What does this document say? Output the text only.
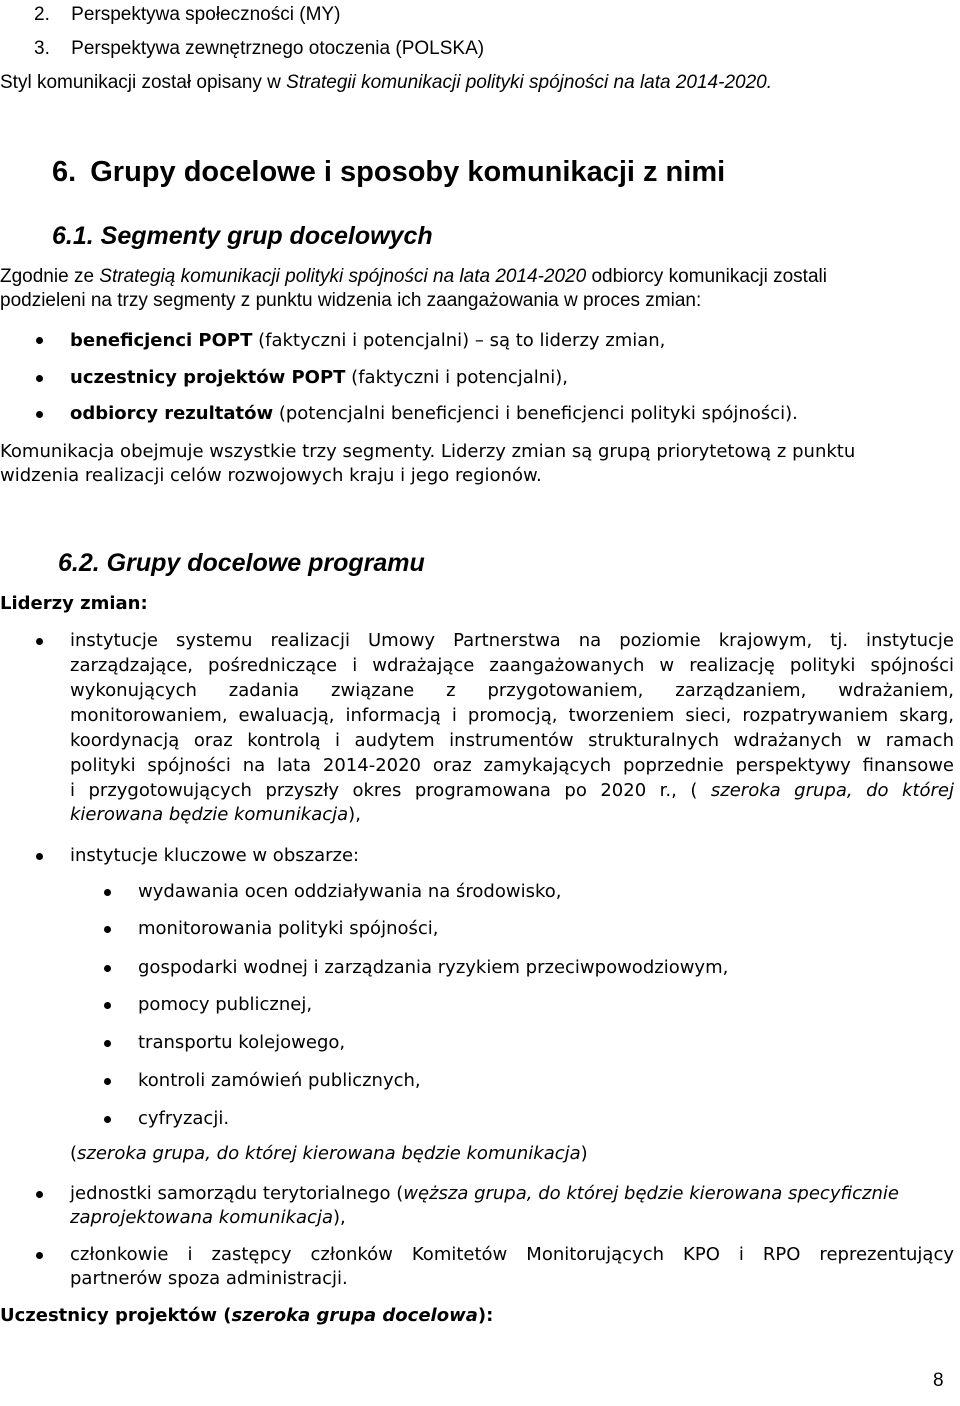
2. Perspektywa społeczności (MY)
3. Perspektywa zewnętrznego otoczenia (POLSKA)
Styl komunikacji został opisany w Strategii komunikacji polityki spójności na lata 2014-2020.
6. Grupy docelowe i sposoby komunikacji z nimi
6.1. Segmenty grup docelowych
Zgodnie ze Strategią komunikacji polityki spójności na lata 2014-2020 odbiorcy komunikacji zostali
podzieleni na trzy segmenty z punktu widzenia ich zaangażowania w proces zmian:
beneficjenci POPT (faktyczni i potencjalni) – są to liderzy zmian,
uczestnicy projektów POPT (faktyczni i potencjalni),
odbiorcy rezultatów (potencjalni beneficjenci i beneficjenci polityki spójności).
Komunikacja obejmuje wszystkie trzy segmenty. Liderzy zmian są grupą priorytetową z punktu
widzenia realizacji celów rozwojowych kraju i jego regionów.
6.2. Grupy docelowe programu
Liderzy zmian:
instytucje systemu realizacji Umowy Partnerstwa na poziomie krajowym, tj. instytucje
zarządzające, pośredniczące i wdrażające zaangażowanych w realizację polityki spójności
wykonujących zadania związane z przygotowaniem, zarządzaniem, wdrażaniem,
monitorowaniem, ewaluacją, informacją i promocją, tworzeniem sieci, rozpatrywaniem skarg,
koordynacją oraz kontrolą i audytem instrumentów strukturalnych wdrażanych w ramach
polityki spójności na lata 2014-2020 oraz zamykających poprzednie perspektywy finansowe
i przygotowujących przyszły okres programowana po 2020 r., ( szeroka grupa, do której
kierowana będzie komunikacja),
instytucje kluczowe w obszarze:
wydawania ocen oddziaływania na środowisko,
monitorowania polityki spójności,
gospodarki wodnej i zarządzania ryzykiem przeciwpowodziowym,
pomocy publicznej,
transportu kolejowego,
kontroli zamówień publicznych,
cyfryzacji.
(szeroka grupa, do której kierowana będzie komunikacja)
jednostki samorządu terytorialnego (węższa grupa, do której będzie kierowana specyficznie
zaprojektowana komunikacja),
członkowie i zastępcy członków Komitetów Monitorujących KPO i RPO reprezentujący
partnerów spoza administracji.
Uczestnicy projektów (szeroka grupa docelowa):
8
